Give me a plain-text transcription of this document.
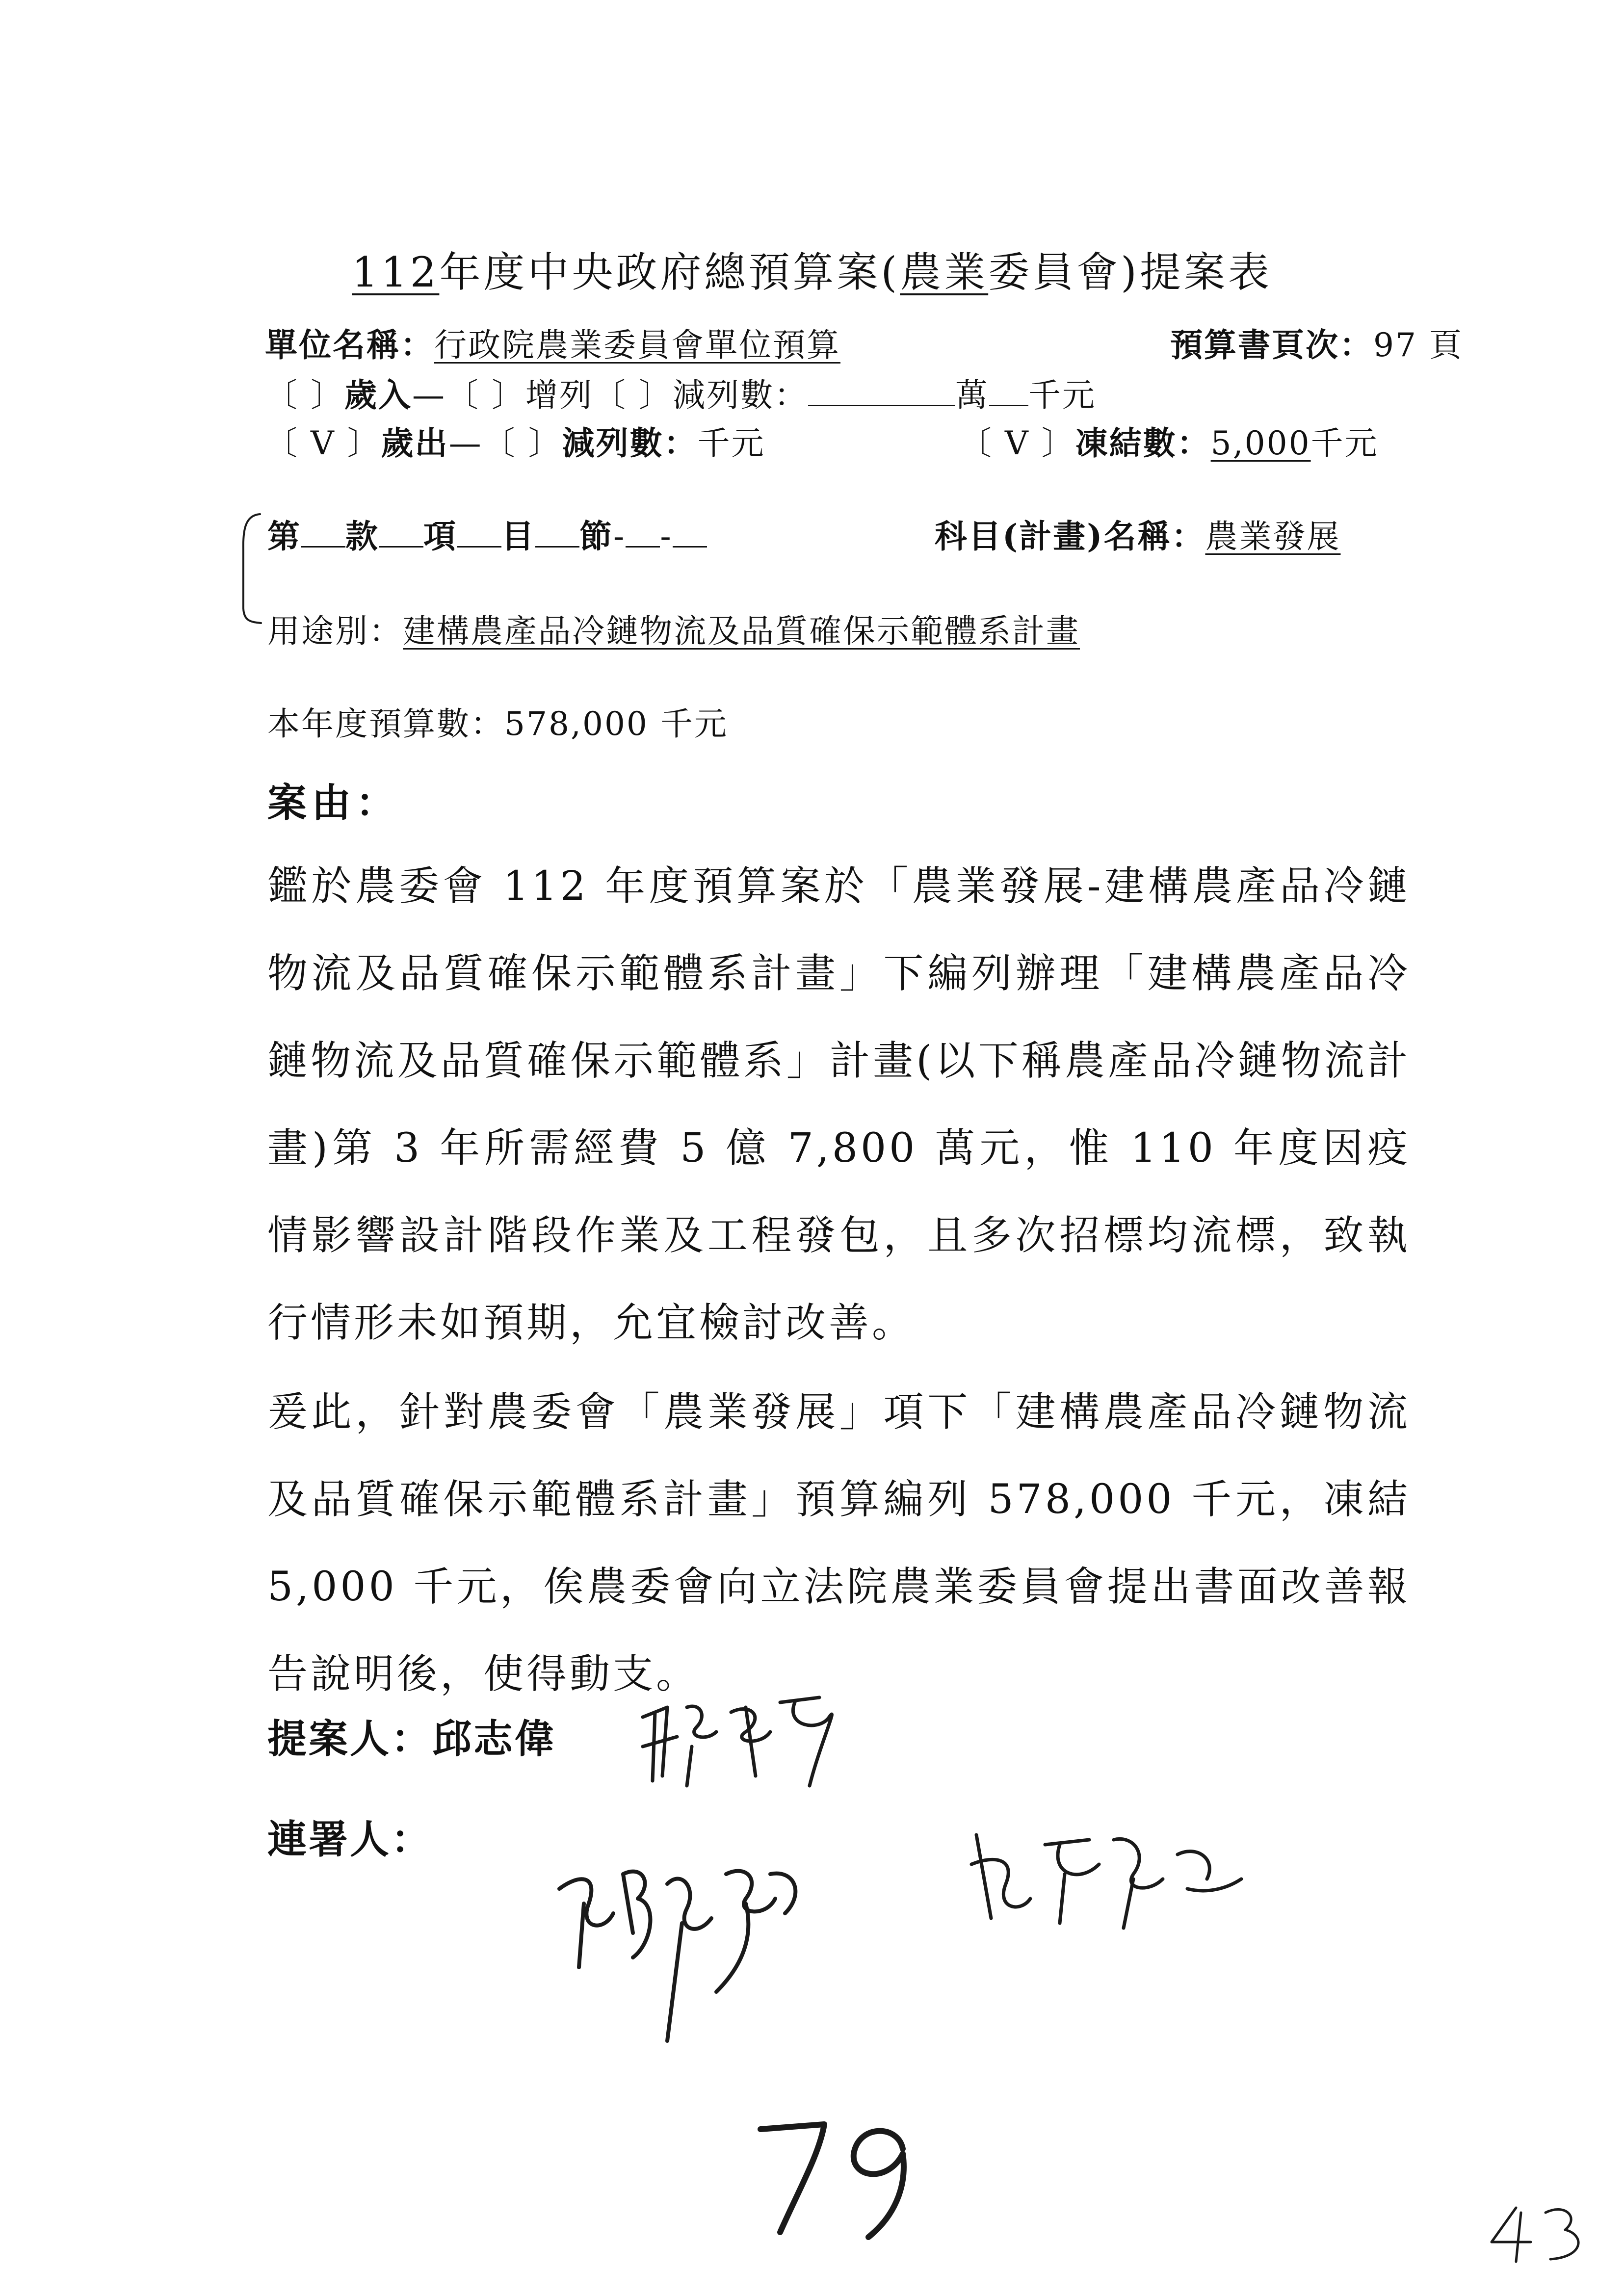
112年度中央政府總預算案(農業委員會)提案表
單位名稱：行政院農業委員會單位預算	預算書頁次：97 頁
〔 〕歲入—〔 〕增列〔 〕減列數：	萬 千元
〔 V 〕歲出—〔 〕減列數：千元	〔 V 〕凍結數：5,000千元
第 款 項 目 節- -	科目(計畫)名稱：農業發展
用途別：建構農產品冷鏈物流及品質確保示範體系計畫
本年度預算數：578,000 千元
案由：
鑑於農委會 112 年度預算案於「農業發展-建構農產品冷鏈物流及品質確保示範體系計畫」下編列辦理「建構農產品冷鏈物流及品質確保示範體系」計畫(以下稱農產品冷鏈物流計畫)第 3 年所需經費 5 億 7,800 萬元，惟 110 年度因疫情影響設計階段作業及工程發包，且多次招標均流標，致執行情形未如預期，允宜檢討改善。
爰此，針對農委會「農業發展」項下「建構農產品冷鏈物流及品質確保示範體系計畫」預算編列 578,000 千元，凍結 5,000 千元，俟農委會向立法院農業委員會提出書面改善報告說明後，使得動支。
提案人：邱志偉
連署人：
